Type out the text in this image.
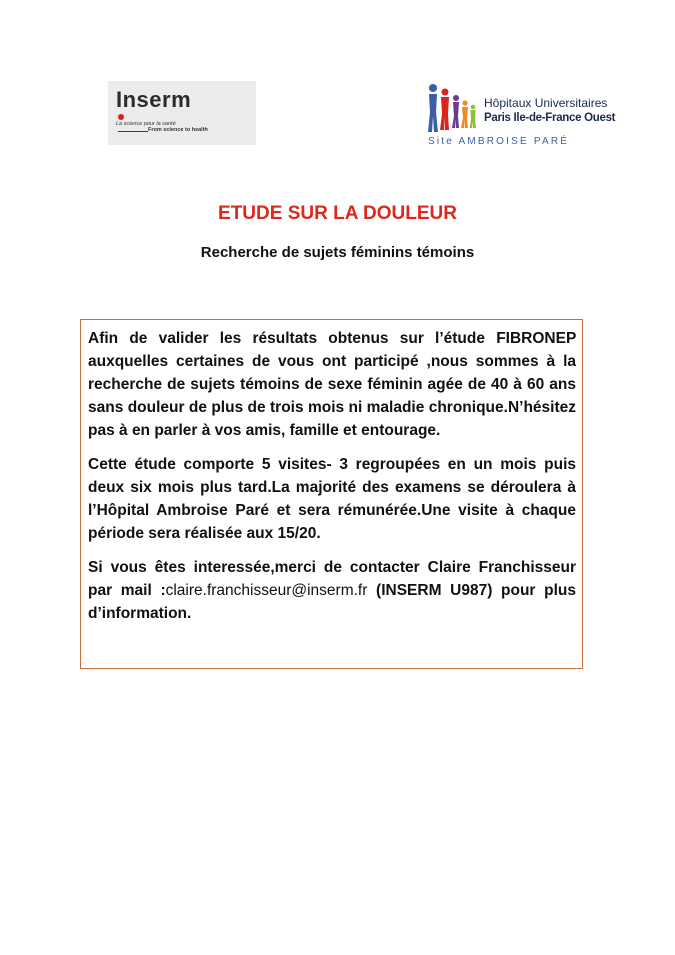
Inserm
La science pour la santé
From science to health
Hôpitaux Universitaires
Paris Ile-de-France Ouest
Site AMBROISE PARÉ
ETUDE SUR LA DOULEUR
Recherche de sujets féminins témoins

Afin de valider les résultats obtenus sur l’étude FIBRONEP auxquelles certaines de vous ont participé ,nous sommes à la recherche de sujets témoins de sexe féminin agée de 40 à 60 ans sans douleur de plus de trois mois ni maladie chronique.N’hésitez pas à en parler à vos amis, famille et entourage.

Cette étude comporte 5 visites- 3 regroupées en un mois puis deux six mois plus tard.La majorité des examens se déroulera à l’Hôpital Ambroise Paré et sera rémunérée.Une visite à chaque période sera réalisée aux 15/20.

Si vous êtes interessée,merci de contacter Claire Franchisseur par mail :claire.franchisseur@inserm.fr (INSERM U987) pour plus d’information.
